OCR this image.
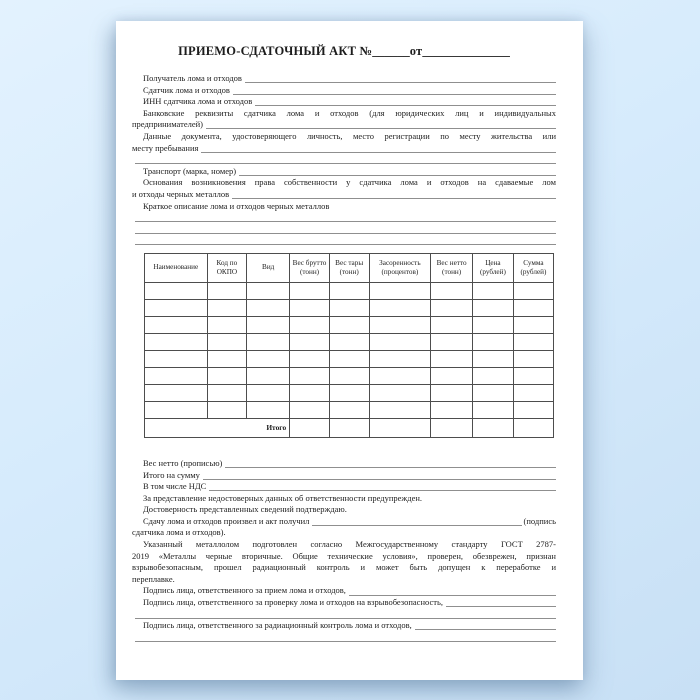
ПРИЕМО-СДАТОЧНЫЙ АКТ №______от______________
Получатель лома и отходов
Сдатчик лома и отходов
ИНН сдатчика лома и отходов
Банковские реквизиты сдатчика лома и отходов (для юридических лиц и индивидуальных
предпринимателей)
Данные документа, удостоверяющего личность, место регистрации по месту жительства или
месту пребывания
Транспорт (марка, номер)
Основания возникновения права собственности у сдатчика лома и отходов на сдаваемые лом
и отходы черных металлов
Краткое описание лома и отходов черных металлов
Наименование	Код по ОКПО	Вид	Вес брутто (тонн)	Вес тары (тонн)	Засоренность (процентов)	Вес нетто (тонн)	Цена (рублей)	Сумма (рублей)

Итого								
Вес нетто (прописью)
Итого на сумму
В том числе НДС
За представление недостоверных данных об ответственности предупрежден.
Достоверность представленных сведений подтверждаю.
Сдачу лома и отходов произвел и акт получил	(подпись
сдатчика лома и отходов).
Указанный металлолом подготовлен согласно Межгосударственному стандарту ГОСТ 2787-
2019 «Металлы черные вторичные. Общие технические условия», проверен, обезврежен, признан
взрывобезопасным, прошел радиационный контроль и может быть допущен к переработке и
переплавке.
Подпись лица, ответственного за прием лома и отходов,
Подпись лица, ответственного за проверку лома и отходов на взрывобезопасность,
Подпись лица, ответственного за радиационный контроль лома и отходов,
